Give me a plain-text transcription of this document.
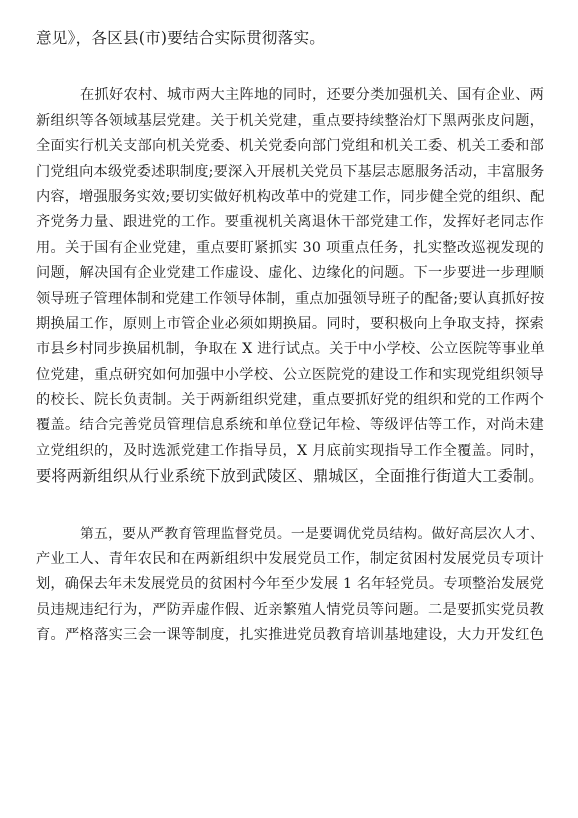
意见》，各区县(市)要结合实际贯彻落实。
在抓好农村、城市两大主阵地的同时，还要分类加强机关、国有企业、两
新组织等各领域基层党建。关于机关党建，重点要持续整治灯下黑两张皮问题，
全面实行机关支部向机关党委、机关党委向部门党组和机关工委、机关工委和部
门党组向本级党委述职制度;要深入开展机关党员下基层志愿服务活动，丰富服务
内容，增强服务实效;要切实做好机构改革中的党建工作，同步健全党的组织、配
齐党务力量、跟进党的工作。要重视机关离退休干部党建工作，发挥好老同志作
用。关于国有企业党建，重点要盯紧抓实 30 项重点任务，扎实整改巡视发现的
问题，解决国有企业党建工作虚设、虚化、边缘化的问题。下一步要进一步理顺
领导班子管理体制和党建工作领导体制，重点加强领导班子的配备;要认真抓好按
期换届工作，原则上市管企业必须如期换届。同时，要积极向上争取支持，探索
市县乡村同步换届机制，争取在 X 进行试点。关于中小学校、公立医院等事业单
位党建，重点研究如何加强中小学校、公立医院党的建设工作和实现党组织领导
的校长、院长负责制。关于两新组织党建，重点要抓好党的组织和党的工作两个
覆盖。结合完善党员管理信息系统和单位登记年检、等级评估等工作，对尚未建
立党组织的，及时选派党建工作指导员，X 月底前实现指导工作全覆盖。同时，
要将两新组织从行业系统下放到武陵区、鼎城区，全面推行街道大工委制。
第五，要从严教育管理监督党员。一是要调优党员结构。做好高层次人才、
产业工人、青年农民和在两新组织中发展党员工作，制定贫困村发展党员专项计
划，确保去年未发展党员的贫困村今年至少发展 1 名年轻党员。专项整治发展党
员违规违纪行为，严防弄虚作假、近亲繁殖人情党员等问题。二是要抓实党员教
育。严格落实三会一课等制度，扎实推进党员教育培训基地建设，大力开发红色
